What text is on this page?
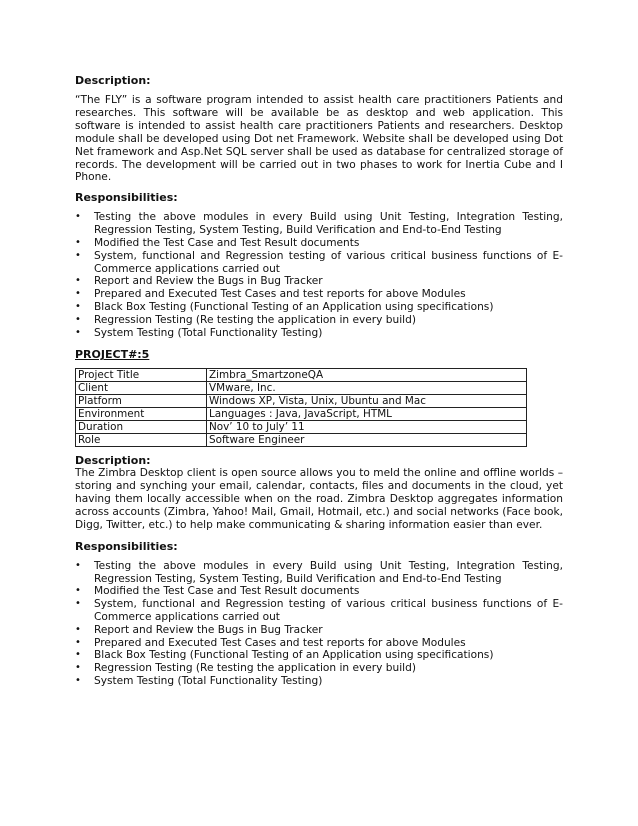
Description:

“The FLY” is a software program intended to assist health care practitioners Patients and researches. This software will be available be as desktop and web application. This software is intended to assist health care practitioners Patients and researchers. Desktop module shall be developed using Dot net Framework. Website shall be developed using Dot Net framework and Asp.Net SQL server shall be used as database for centralized storage of records. The development will be carried out in two phases to work for Inertia Cube and I Phone.

Responsibilities:

• Testing the above modules in every Build using Unit Testing, Integration Testing, Regression Testing, System Testing, Build Verification and End-to-End Testing
• Modified the Test Case and Test Result documents
• System, functional and Regression testing of various critical business functions of E-Commerce applications carried out
• Report and Review the Bugs in Bug Tracker
• Prepared and Executed Test Cases and test reports for above Modules
• Black Box Testing (Functional Testing of an Application using specifications)
• Regression Testing (Re testing the application in every build)
• System Testing (Total Functionality Testing)

PROJECT#:5

Project Title	Zimbra_SmartzoneQA
Client	VMware, Inc.
Platform	Windows XP, Vista, Unix, Ubuntu and Mac
Environment	Languages : Java, JavaScript, HTML
Duration	Nov’ 10 to July’ 11
Role	Software Engineer

Description:

The Zimbra Desktop client is open source allows you to meld the online and offline worlds – storing and synching your email, calendar, contacts, files and documents in the cloud, yet having them locally accessible when on the road. Zimbra Desktop aggregates information across accounts (Zimbra, Yahoo! Mail, Gmail, Hotmail, etc.) and social networks (Face book, Digg, Twitter, etc.) to help make communicating & sharing information easier than ever.

Responsibilities:

• Testing the above modules in every Build using Unit Testing, Integration Testing, Regression Testing, System Testing, Build Verification and End-to-End Testing
• Modified the Test Case and Test Result documents
• System, functional and Regression testing of various critical business functions of E-Commerce applications carried out
• Report and Review the Bugs in Bug Tracker
• Prepared and Executed Test Cases and test reports for above Modules
• Black Box Testing (Functional Testing of an Application using specifications)
• Regression Testing (Re testing the application in every build)
• System Testing (Total Functionality Testing)
